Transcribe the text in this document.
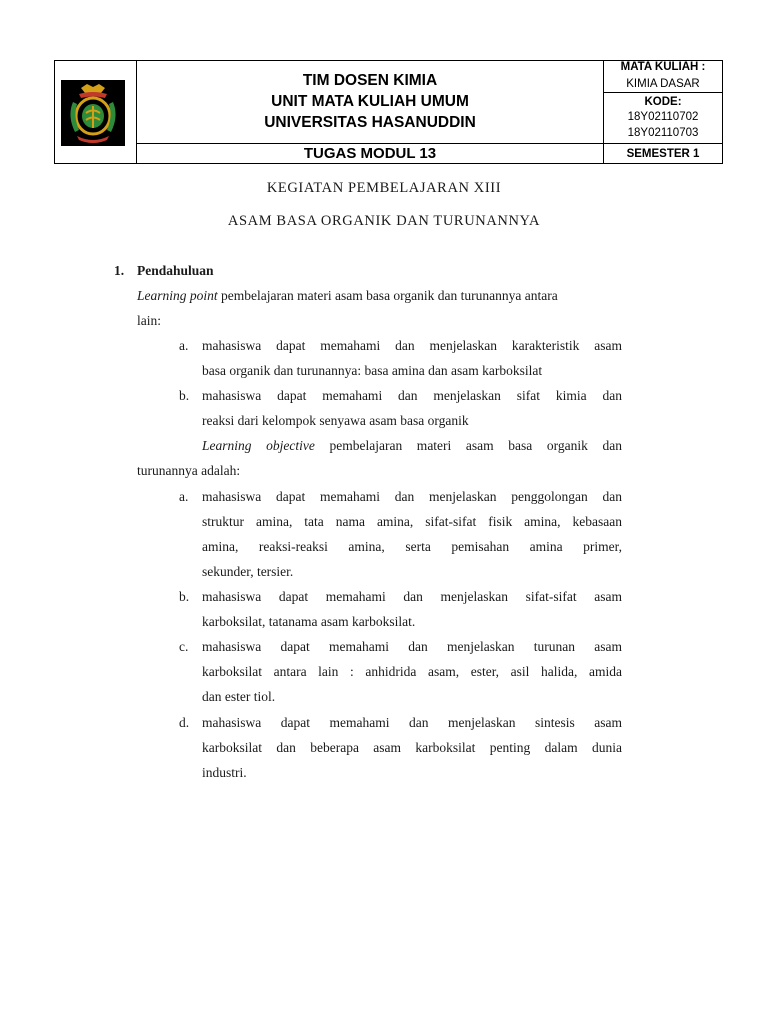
TIM DOSEN KIMIA
UNIT MATA KULIAH UMUM
UNIVERSITAS HASANUDDIN
TUGAS MODUL 13
MATA KULIAH :
KIMIA DASAR
KODE:
18Y02110702
18Y02110703
SEMESTER 1
KEGIATAN PEMBELAJARAN XIII
ASAM BASA ORGANIK DAN TURUNANNYA
1. Pendahuluan
Learning point pembelajaran materi asam basa organik dan turunannya antara
lain:
a. mahasiswa dapat memahami dan menjelaskan karakteristik asam
basa organik dan turunannya: basa amina dan asam karboksilat
b. mahasiswa dapat memahami dan menjelaskan sifat kimia dan
reaksi dari kelompok senyawa asam basa organik
Learning objective pembelajaran materi asam basa organik dan
turunannya adalah:
a. mahasiswa dapat memahami dan menjelaskan penggolongan dan
struktur amina, tata nama amina, sifat-sifat fisik amina, kebasaan
amina, reaksi-reaksi amina, serta pemisahan amina primer,
sekunder, tersier.
b. mahasiswa dapat memahami dan menjelaskan sifat-sifat asam
karboksilat, tatanama asam karboksilat.
c. mahasiswa dapat memahami dan menjelaskan turunan asam
karboksilat antara lain : anhidrida asam, ester, asil halida, amida
dan ester tiol.
d. mahasiswa dapat memahami dan menjelaskan sintesis asam
karboksilat dan beberapa asam karboksilat penting dalam dunia
industri.
